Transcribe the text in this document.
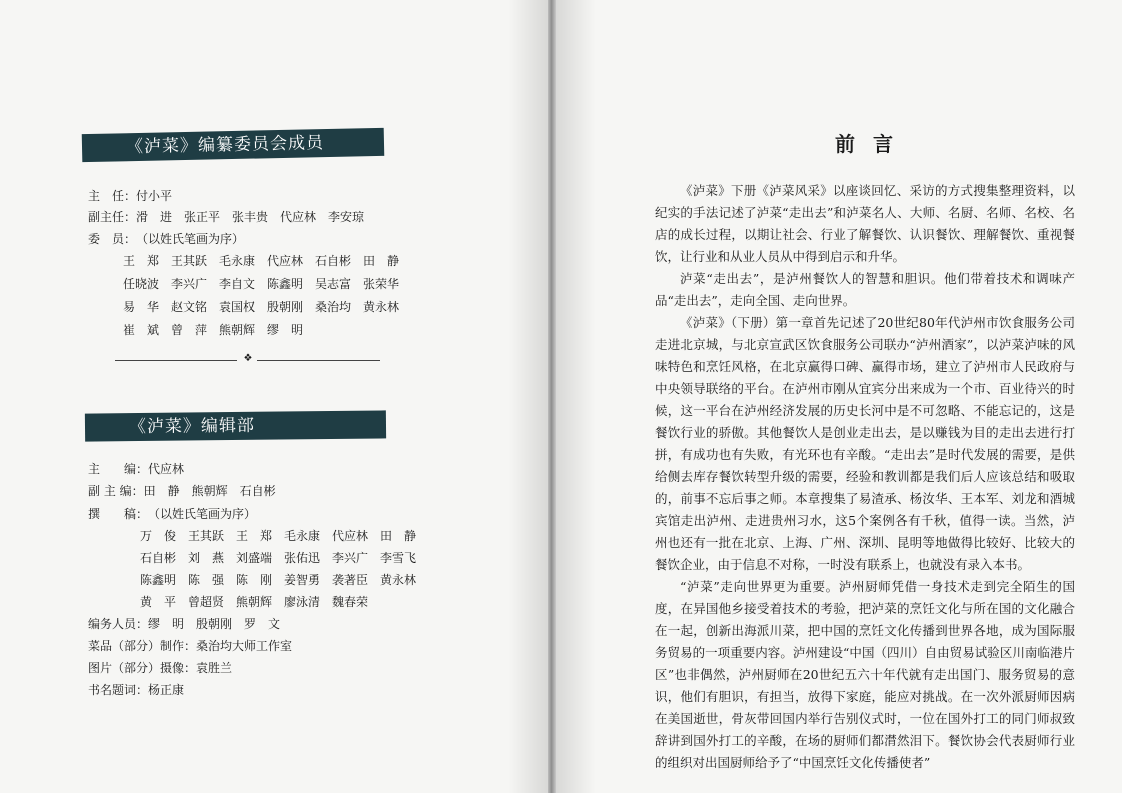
《泸菜》编纂委员会成员
主　任：付小平
副主任：滑　进　张正平　张丰贵　代应林　李安琼
委　员：（以姓氏笔画为序）
王　郑 王其跃 毛永康 代应林 石自彬 田　静
任晓波 李兴广 李自文 陈鑫明 吴志富 张荣华
易　华 赵文铭 袁国权 殷朝刚 桑治均 黄永林
崔　斌 曾　萍 熊朝辉 缪　明
❖
《泸菜》编辑部
主　　编：代应林
副 主 编：田　静　熊朝辉　石自彬
撰　　稿：（以姓氏笔画为序）
万　俊 王其跃 王　郑 毛永康 代应林 田　静
石自彬 刘　燕 刘盛端 张佑迅 李兴广 李雪飞
陈鑫明 陈　强 陈　刚 姜智勇 袭著臣 黄永林
黄　平 曾超贤 熊朝辉 廖泳清 魏春荣
编务人员：缪　明　殷朝刚　罗　文
菜品（部分）制作：桑治均大师工作室
图片（部分）摄像：袁胜兰
书名题词：杨正康
前言

《泸菜》下册《泸菜风采》以座谈回忆、采访的方式搜集整理资料，以纪实的手法记述了泸菜“走出去”和泸菜名人、大师、名厨、名师、名校、名店的成长过程，以期让社会、行业了解餐饮、认识餐饮、理解餐饮、重视餐饮，让行业和从业人员从中得到启示和升华。

泸菜“走出去”，是泸州餐饮人的智慧和胆识。他们带着技术和调味产品“走出去”，走向全国、走向世界。

《泸菜》（下册）第一章首先记述了20世纪80年代泸州市饮食服务公司走进北京城，与北京宣武区饮食服务公司联办“泸州酒家”，以泸菜泸味的风味特色和烹饪风格，在北京赢得口碑、赢得市场，建立了泸州市人民政府与中央领导联络的平台。在泸州市刚从宜宾分出来成为一个市、百业待兴的时候，这一平台在泸州经济发展的历史长河中是不可忽略、不能忘记的，这是餐饮行业的骄傲。其他餐饮人是创业走出去，是以赚钱为目的走出去进行打拼，有成功也有失败，有光环也有辛酸。“走出去”是时代发展的需要，是供给侧去库存餐饮转型升级的需要，经验和教训都是我们后人应该总结和吸取的，前事不忘后事之师。本章搜集了易渣承、杨汝华、王本军、刘龙和酒城宾馆走出泸州、走进贵州习水，这5个案例各有千秋，值得一读。当然，泸州也还有一批在北京、上海、广州、深圳、昆明等地做得比较好、比较大的餐饮企业，由于信息不对称，一时没有联系上，也就没有录入本书。

“泸菜”走向世界更为重要。泸州厨师凭借一身技术走到完全陌生的国度，在异国他乡接受着技术的考验，把泸菜的烹饪文化与所在国的文化融合在一起，创新出海派川菜，把中国的烹饪文化传播到世界各地，成为国际服务贸易的一项重要内容。泸州建设“中国（四川）自由贸易试验区川南临港片区”也非偶然，泸州厨师在20世纪五六十年代就有走出国门、服务贸易的意识，他们有胆识，有担当，放得下家庭，能应对挑战。在一次外派厨师因病在美国逝世，骨灰带回国内举行告别仪式时，一位在国外打工的同门师叔致辞讲到国外打工的辛酸，在场的厨师们都潸然泪下。餐饮协会代表厨师行业的组织对出国厨师给予了“中国烹饪文化传播使者”
